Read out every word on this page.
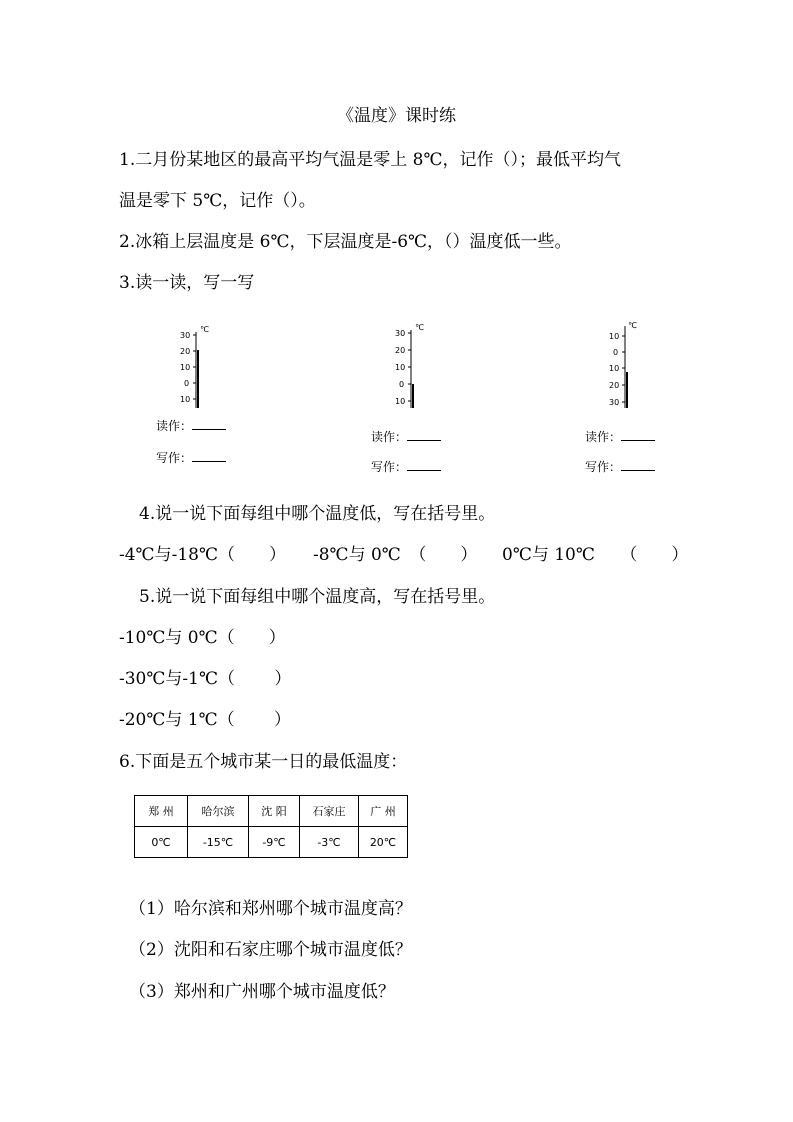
《温度》课时练
1.二月份某地区的最高平均气温是零上 8℃，记作（）；最低平均气
温是零下 5℃，记作（）。
2.冰箱上层温度是 6℃，下层温度是-6℃，（）温度低一些。
3.读一读，写一写
℃
30
20
10
0
10
读作：
写作：
℃
30
20
10
0
10
读作：
写作：
℃
10
0
10
20
30
读作：
写作：
4.说一说下面每组中哪个温度低，写在括号里。
-4℃与-18℃（　　） -8℃与 0℃　（　　） 0℃与 10℃　　（　　）
5.说一说下面每组中哪个温度高，写在括号里。
-10℃与 0℃（　　）
-30℃与-1℃（　　 ）
-20℃与 1℃（　　 ）
6.下面是五个城市某一日的最低温度：
郑 州	哈尔滨	沈 阳	石家庄	广 州
0℃	-15℃	-9℃	-3℃	20℃
（1）哈尔滨和郑州哪个城市温度高？
（2）沈阳和石家庄哪个城市温度低？
（3）郑州和广州哪个城市温度低？
